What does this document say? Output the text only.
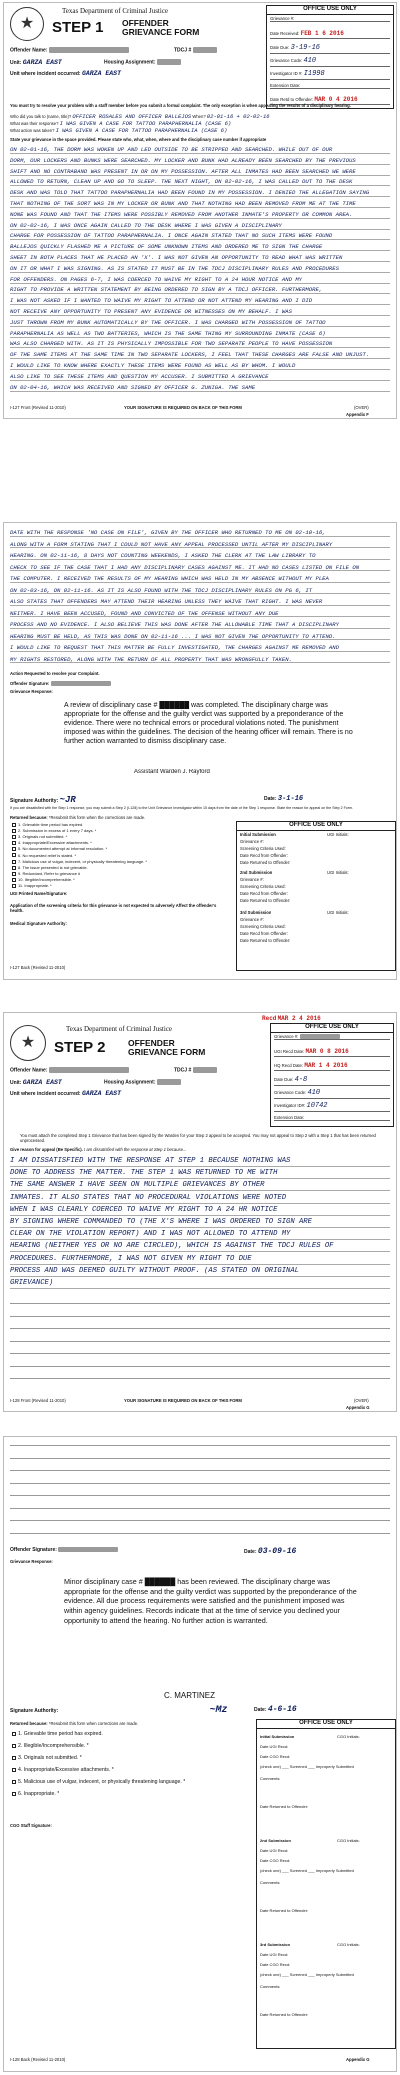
★
Texas Department of Criminal Justice
STEP 1 OFFENDER
GRIEVANCE FORM
OFFICE USE ONLY
Grievance #:
Date Received: FEB 1 6 2016
Date Due: 3-19-16
Grievance Code: 410
Investigator ID #: I1998
Extension Date:
Date Retd to Offender: MAR 0 4 2016
Offender Name:	TDCJ #
Unit: GARZA EAST	Housing Assignment:
Unit where incident occurred: GARZA EAST
You must try to resolve your problem with a staff member before you submit a formal complaint. The only exception is when appealing the results of a disciplinary hearing.
Who did you talk to (name, title)? OFFICER ROSALES AND OFFICER BALLEJOS When? 02-01-16 + 02-02-16
What was their response? I WAS GIVEN A CASE FOR TATTOO PARAPHERNALIA (CASE 6)
What action was taken? I WAS GIVEN A CASE FOR TATTOO PARAPHERNALIA (CASE 6)
State your grievance in the space provided. Please state who, what, when, where and the disciplinary case number if appropriate
ON 02-01-16, THE DORM WAS WOKEN UP AND LED OUTSIDE TO BE STRIPPED AND SEARCHED. WHILE OUT OF OUR
DORM, OUR LOCKERS AND BUNKS WERE SEARCHED. MY LOCKER AND BUNK HAD ALREADY BEEN SEARCHED BY THE PREVIOUS
SHIFT AND NO CONTRABAND WAS PRESENT IN OR ON MY POSSESSION. AFTER ALL INMATES HAD BEEN SEARCHED WE WERE
ALLOWED TO RETURN, CLEAN UP AND GO TO SLEEP. THE NEXT NIGHT, ON 02-02-16, I WAS CALLED OUT TO THE DESK
DESK AND WAS TOLD THAT TATTOO PARAPHERNALIA HAD BEEN FOUND IN MY POSSESSION. I DENIED THE ALLEGATION SAYING
THAT NOTHING OF THE SORT WAS IN MY LOCKER OR BUNK AND THAT NOTHING HAD BEEN REMOVED FROM ME AT THE TIME
NONE WAS FOUND AND THAT THE ITEMS WERE POSSIBLY REMOVED FROM ANOTHER INMATE'S PROPERTY OR COMMON AREA.
ON 02-02-16, I WAS ONCE AGAIN CALLED TO THE DESK WHERE I WAS GIVEN A DISCIPLINARY
CHARGE FOR POSSESSION OF TATTOO PARAPHERNALIA. I ONCE AGAIN STATED THAT NO SUCH ITEMS WERE FOUND
BALLEJOS QUICKLY FLASHED ME A PICTURE OF SOME UNKNOWN ITEMS AND ORDERED ME TO SIGN THE CHARGE
SHEET IN BOTH PLACES THAT HE PLACED AN 'X'. I WAS NOT GIVEN AN OPPORTUNITY TO READ WHAT WAS WRITTEN
ON IT OR WHAT I WAS SIGNING. AS IS STATED IT MUST BE IN THE TDCJ DISCIPLINARY RULES AND PROCEDURES
FOR OFFENDERS. ON PAGES 6-7, I WAS COERCED TO WAIVE MY RIGHT TO A 24 HOUR NOTICE AND MY
RIGHT TO PROVIDE A WRITTEN STATEMENT BY BEING ORDERED TO SIGN BY A TDCJ OFFICER. FURTHERMORE,
I WAS NOT ASKED IF I WANTED TO WAIVE MY RIGHT TO ATTEND OR NOT ATTEND MY HEARING AND I DID
NOT RECEIVE ANY OPPORTUNITY TO PRESENT ANY EVIDENCE OR WITNESSES ON MY BEHALF. I WAS
JUST THROWN FROM MY BUNK AUTOMATICALLY BY THE OFFICER. I WAS CHARGED WITH POSSESSION OF TATTOO
PARAPHERNALIA AS WELL AS TWO BATTERIES, WHICH IS THE SAME THING MY SURROUNDING INMATE (CASE 6)
WAS ALSO CHARGED WITH. AS IT IS PHYSICALLY IMPOSSIBLE FOR TWO SEPARATE PEOPLE TO HAVE POSSESSION
OF THE SAME ITEMS AT THE SAME TIME IN TWO SEPARATE LOCKERS, I FEEL THAT THESE CHARGES ARE FALSE AND UNJUST.
I WOULD LIKE TO KNOW WHERE EXACTLY THESE ITEMS WERE FOUND AS WELL AS BY WHOM. I WOULD
ALSO LIKE TO SEE THESE ITEMS AND QUESTION MY ACCUSER. I SUBMITTED A GRIEVANCE
ON 02-04-16, WHICH WAS RECEIVED AND SIGNED BY OFFICER G. ZUNIGA. THE SAME
I-127 Front (Revised 11-2010)	YOUR SIGNATURE IS REQUIRED ON BACK OF THIS FORM	(OVER)
Appendix F
DATE WITH THE RESPONSE 'NO CASE ON FILE', GIVEN BY THE OFFICER WHO RETURNED TO ME ON 02-10-16,
ALONG WITH A FORM STATING THAT I COULD NOT HAVE ANY APPEAL PROCESSED UNTIL AFTER MY DISCIPLINARY
HEARING. ON 02-11-16, 8 DAYS NOT COUNTING WEEKENDS, I ASKED THE CLERK AT THE LAW LIBRARY TO
CHECK TO SEE IF THE CASE THAT I HAD ANY DISCIPLINARY CASES AGAINST ME. IT HAD NO CASES LISTED ON FILE ON
THE COMPUTER. I RECEIVED THE RESULTS OF MY HEARING WHICH WAS HELD IN MY ABSENCE WITHOUT MY PLEA
ON 02-03-16, ON 02-11-16. AS IT IS ALSO FOUND WITH THE TDCJ DISCIPLINARY RULES ON PG 6, IT
ALSO STATES THAT OFFENDERS MAY ATTEND THEIR HEARING UNLESS THEY WAIVE THAT RIGHT. I WAS NEVER
NEITHER. I HAVE BEEN ACCUSED, FOUND AND CONVICTED OF THE OFFENSE WITHOUT ANY DUE
PROCESS AND NO EVIDENCE. I ALSO BELIEVE THIS WAS DONE AFTER THE ALLOWABLE TIME THAT A DISCIPLINARY
HEARING MUST BE HELD, AS THIS WAS DONE ON 02-11-16 ... I WAS NOT GIVEN THE OPPORTUNITY TO ATTEND.
I WOULD LIKE TO REQUEST THAT THIS MATTER BE FULLY INVESTIGATED, THE CHARGES AGAINST ME REMOVED AND
MY RIGHTS RESTORED, ALONG WITH THE RETURN OF ALL PROPERTY THAT WAS WRONGFULLY TAKEN.
Action Requested to resolve your Complaint.
Offender Signature:
Grievance Response:
A review of disciplinary case # ██████ was completed. The disciplinary charge was appropriate for the offense and the guilty verdict was supported by a preponderance of the evidence. There were no technical errors or procedural violations noted. The punishment imposed was within the guidelines. The decision of the hearing officer will remain. There is no further action warranted to dismiss disciplinary case.
Assistant Warden J. Rayford
Signature Authority: ~JR	Date: 3-1-16
If you are dissatisfied with the Step 1 response, you may submit a Step 2 (I-128) to the Unit Grievance Investigator within 15 days from the date of the Step 1 response. State the reason for appeal on the Step 2 Form.
Returned because: *Resubmit this form when the corrections are made.
1. Grievable time period has expired.
2. Submission in excess of 1 every 7 days. *
3. Originals not submitted. *
4. Inappropriate/Excessive attachments. *
5. No documented attempt at informal resolution. *
6. No requested relief is stated. *
7. Malicious use of vulgar, indecent, or physically threatening language. *
8. The issue presented is not grievable.
9. Redundant, Refer to grievance #
10. Illegible/Incomprehensible. *
11. Inappropriate. *
OFFICE USE ONLY
Initial Submission	UGI Initials:
Grievance #:
Screening Criteria Used:
Date Recd from Offender:
Date Returned to Offender:
2nd Submission	UGI Initials:
Grievance #:
Screening Criteria Used:
Date Recd from Offender:
Date Returned to Offender:
3rd Submission	UGI Initials:
Grievance #:
Screening Criteria Used:
Date Recd from Offender:
Date Returned to Offender:
UGI Printed Name/Signature:
Application of the screening criteria for this grievance is not expected to adversely Affect the offender's health.
Medical Signature Authority:
I-127 Back (Revised 11-2010)
Recd MAR 2 4 2016
★
Texas Department of Criminal Justice
STEP 2	OFFENDER
GRIEVANCE FORM
OFFICE USE ONLY
Grievance #:
UGI Recd Date: MAR 0 8 2016
HQ Recd Date: MAR 1 4 2016
Date Due: 4-8
Grievance Code: 410
Investigator ID#: 10742
Extension Date:
Offender Name:	TDCJ #
Unit: GARZA EAST	Housing Assignment:
Unit where incident occurred: GARZA EAST
You must attach the completed Step 1 Grievance that has been signed by the Warden for your Step 2 appeal to be accepted. You may not appeal to Step 2 with a Step 1 that has been returned unprocessed.
Give reason for appeal (Be Specific). I am dissatisfied with the response at Step 1 because...
I AM DISSATISFIED WITH THE RESPONSE AT STEP 1 BECAUSE NOTHING WAS
DONE TO ADDRESS THE MATTER. THE STEP 1 WAS RETURNED TO ME WITH
THE SAME ANSWER I HAVE SEEN ON MULTIPLE GRIEVANCES BY OTHER
INMATES. IT ALSO STATES THAT NO PROCEDURAL VIOLATIONS WERE NOTED
WHEN I WAS CLEARLY COERCED TO WAIVE MY RIGHT TO A 24 HR NOTICE
BY SIGNING WHERE COMMANDED TO (THE X'S WHERE I WAS ORDERED TO SIGN ARE
CLEAR ON THE VIOLATION REPORT) AND I WAS NOT ALLOWED TO ATTEND MY
HEARING (NEITHER YES OR NO ARE CIRCLED), WHICH IS AGAINST THE TDCJ RULES OF
PROCEDURES. FURTHERMORE, I WAS NOT GIVEN MY RIGHT TO DUE
PROCESS AND WAS DEEMED GUILTY WITHOUT PROOF. (AS STATED ON ORIGINAL
GRIEVANCE)
I-128 Front (Revised 11-2010)	YOUR SIGNATURE IS REQUIRED ON BACK OF THIS FORM	(OVER)
Appendix G
Offender Signature:	Date: 03-09-16
Grievance Response:
Minor disciplinary case # ██████ has been reviewed. The disciplinary charge was appropriate for the offense and the guilty verdict was supported by the preponderance of the evidence. All due process requirements were satisfied and the punishment imposed was within agency guidelines. Records indicate that at the time of service you declined your opportunity to attend the hearing. No further action is warranted.
C. MARTINEZ
Signature Authority:	~Mz	Date: 4-6-16
Returned because: *Resubmit this form when corrections are made.
1. Grievable time period has expired.
2. Illegible/Incomprehensible. *
3. Originals not submitted. *
4. Inappropriate/Excessive attachments. *
5. Malicious use of vulgar, indecent, or physically threatening language. *
6. Inappropriate. *
CGO Staff Signature:
OFFICE USE ONLY
Initial Submission	CGO Initials:
Date UGI Recd:
Date CGO Recd:
(check one) ___ Screened ___ Improperly Submitted
Comments:
Date Returned to Offender:
2nd Submission	CGO Initials:
Date UGI Recd:
Date CGO Recd:
(check one) ___ Screened ___ Improperly Submitted
Comments:
Date Returned to Offender:
3rd Submission	CGO Initials:
Date UGI Recd:
Date CGO Recd:
(check one) ___ Screened ___ Improperly Submitted
Comments:
Date Returned to Offender:
I-128 Back (Revised 11-2010)	Appendix G
